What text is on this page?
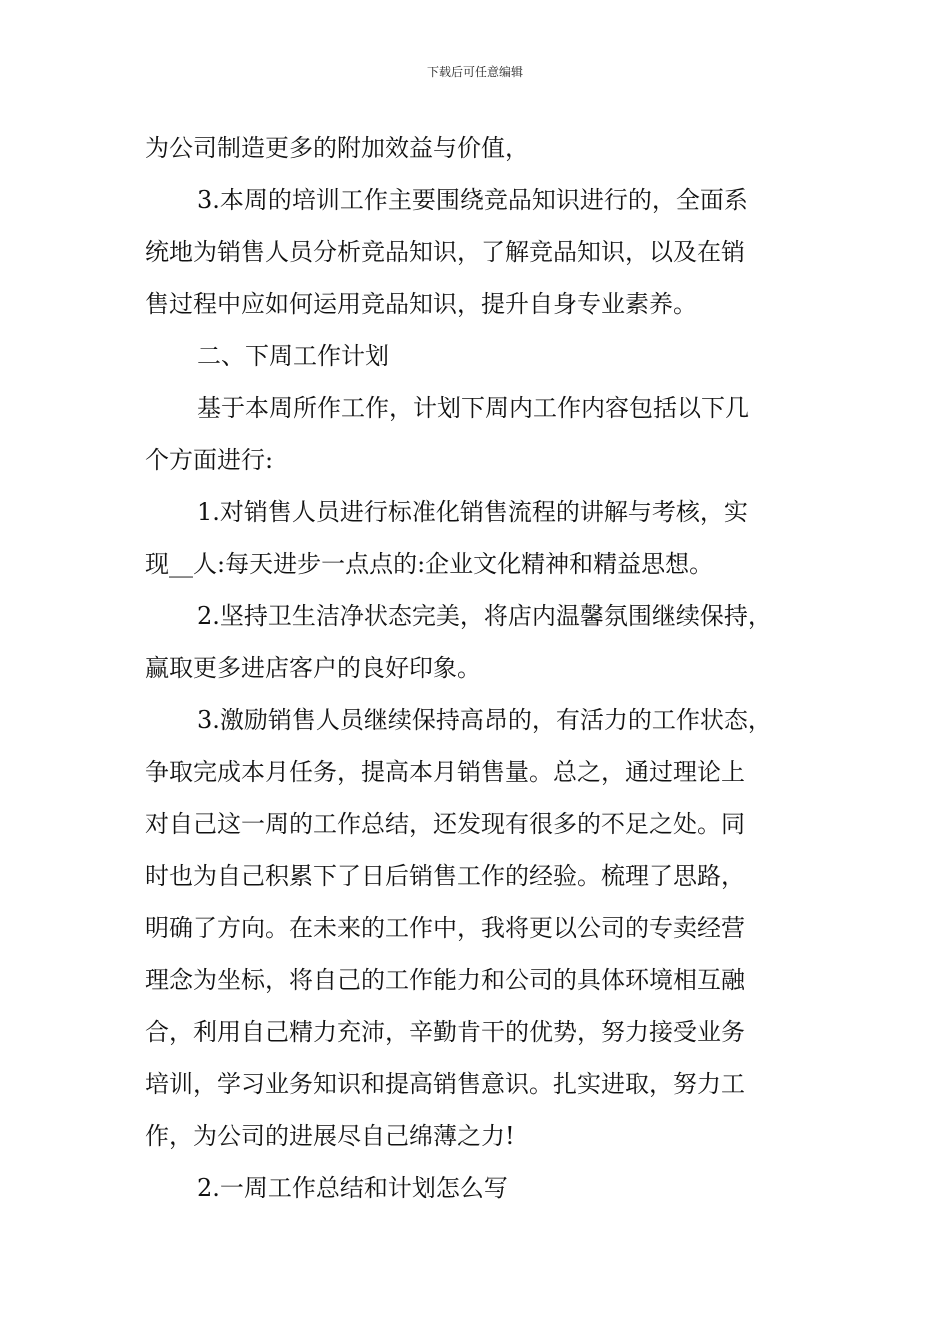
下载后可任意编辑
为公司制造更多的附加效益与价值，
3.本周的培训工作主要围绕竞品知识进行的，全面系
统地为销售人员分析竞品知识，了解竞品知识，以及在销
售过程中应如何运用竞品知识，提升自身专业素养。
二、下周工作计划
基于本周所作工作，计划下周内工作内容包括以下几
个方面进行:
1.对销售人员进行标准化销售流程的讲解与考核，实
现__人:每天进步一点点的:企业文化精神和精益思想。
2.坚持卫生洁净状态完美，将店内温馨氛围继续保持，
赢取更多进店客户的良好印象。
3.激励销售人员继续保持高昂的，有活力的工作状态，
争取完成本月任务，提高本月销售量。总之，通过理论上
对自己这一周的工作总结，还发现有很多的不足之处。同
时也为自己积累下了日后销售工作的经验。梳理了思路，
明确了方向。在未来的工作中，我将更以公司的专卖经营
理念为坐标，将自己的工作能力和公司的具体环境相互融
合，利用自己精力充沛，辛勤肯干的优势，努力接受业务
培训，学习业务知识和提高销售意识。扎实进取，努力工
作，为公司的进展尽自己绵薄之力!
2.一周工作总结和计划怎么写
